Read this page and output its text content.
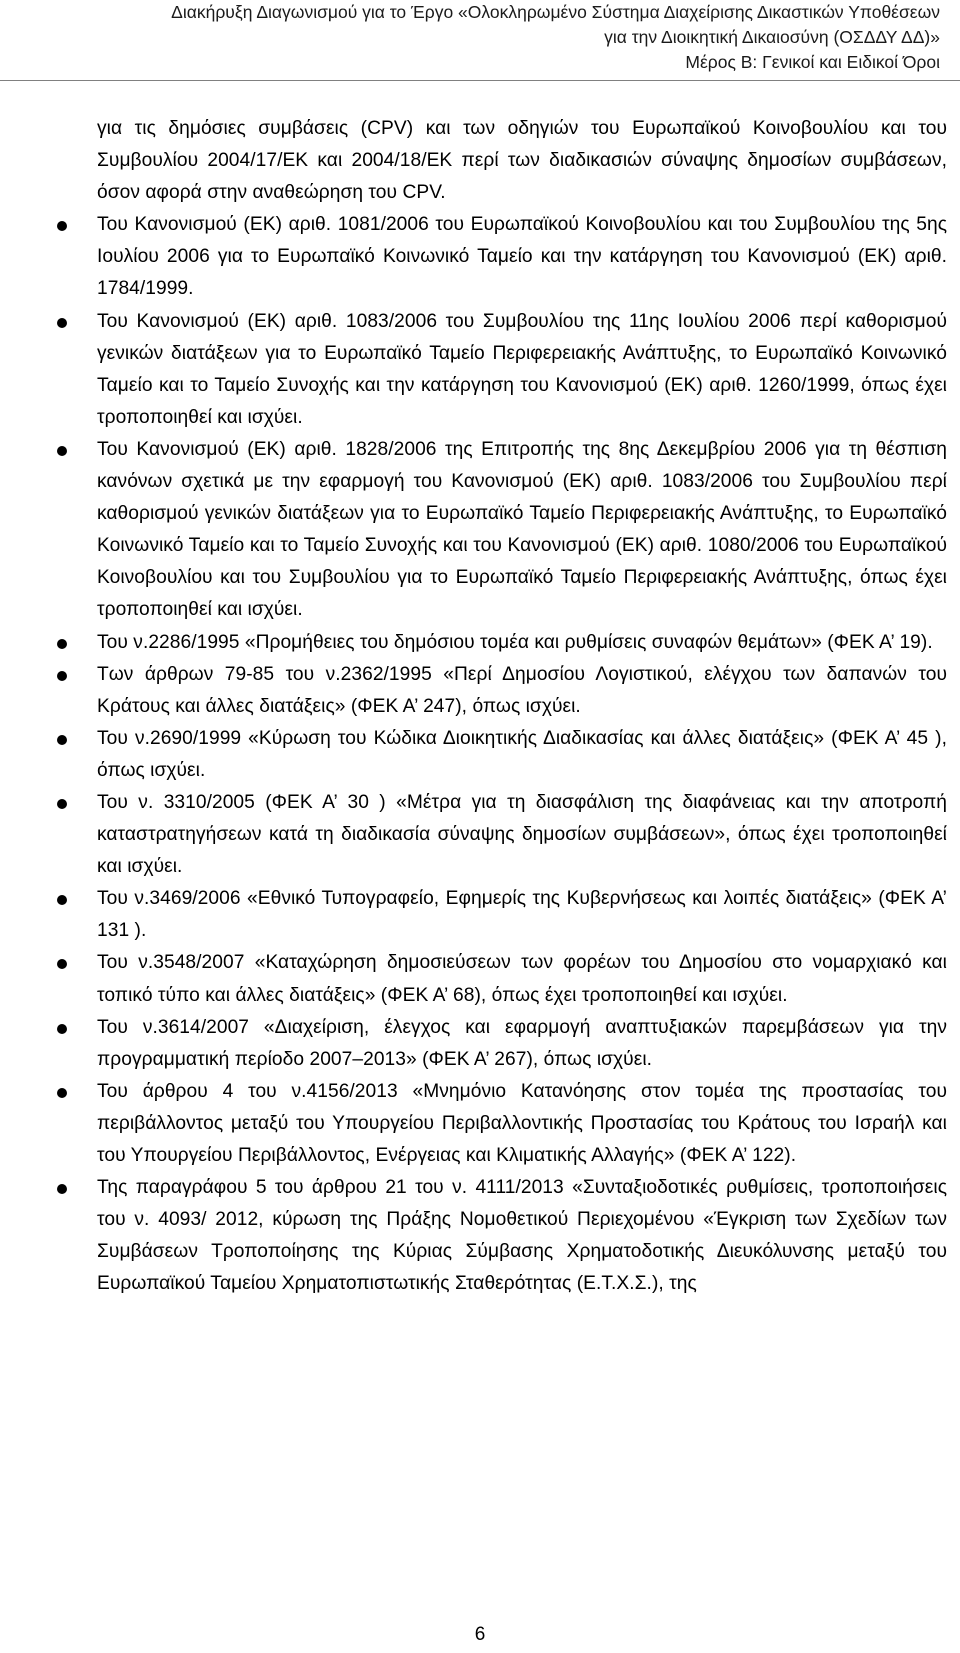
Διακήρυξη Διαγωνισμού για το Έργο «Ολοκληρωμένο Σύστημα Διαχείρισης Δικαστικών Υποθέσεων
για την Διοικητική Δικαιοσύνη (ΟΣΔΔΥ ΔΔ)»
Μέρος Β: Γενικοί και Ειδικοί Όροι

για τις δημόσιες συμβάσεις (CPV) και των οδηγιών του Ευρωπαϊκού Κοινοβουλίου και του Συμβουλίου 2004/17/ΕΚ και 2004/18/ΕΚ περί των διαδικασιών σύναψης δημοσίων συμβάσεων, όσον αφορά στην αναθεώρηση του CPV.

Του Κανονισμού (ΕΚ) αριθ. 1081/2006 του Ευρωπαϊκού Κοινοβουλίου και του Συμβουλίου της 5ης Ιουλίου 2006 για το Ευρωπαϊκό Κοινωνικό Ταμείο και την κατάργηση του Κανονισμού (ΕΚ) αριθ. 1784/1999.
Του Κανονισμού (ΕΚ) αριθ. 1083/2006 του Συμβουλίου της 11ης Ιουλίου 2006 περί καθορισμού γενικών διατάξεων για το Ευρωπαϊκό Ταμείο Περιφερειακής Ανάπτυξης, το Ευρωπαϊκό Κοινωνικό Ταμείο και το Ταμείο Συνοχής και την κατάργηση του Κανονισμού (ΕΚ) αριθ. 1260/1999, όπως έχει τροποποιηθεί και ισχύει.
Του Κανονισμού (ΕΚ) αριθ. 1828/2006 της Επιτροπής της 8ης Δεκεμβρίου 2006 για τη θέσπιση κανόνων σχετικά με την εφαρμογή του Κανονισμού (ΕΚ) αριθ. 1083/2006 του Συμβουλίου περί καθορισμού γενικών διατάξεων για το Ευρωπαϊκό Ταμείο Περιφερειακής Ανάπτυξης, το Ευρωπαϊκό Κοινωνικό Ταμείο και το Ταμείο Συνοχής και του Κανονισμού (ΕΚ) αριθ. 1080/2006 του Ευρωπαϊκού Κοινοβουλίου και του Συμβουλίου για το Ευρωπαϊκό Ταμείο Περιφερειακής Ανάπτυξης, όπως έχει τροποποιηθεί και ισχύει.
Του ν.2286/1995 «Προμήθειες του δημόσιου τομέα και ρυθμίσεις συναφών θεμάτων» (ΦΕΚ Α’ 19).
Των άρθρων 79-85 του ν.2362/1995 «Περί Δημοσίου Λογιστικού, ελέγχου των δαπανών του Κράτους και άλλες διατάξεις» (ΦΕΚ Α’ 247), όπως ισχύει.
Του ν.2690/1999 «Κύρωση του Κώδικα Διοικητικής Διαδικασίας και άλλες διατάξεις» (ΦΕΚ Α’ 45 ), όπως ισχύει.
Του ν. 3310/2005 (ΦΕΚ Α’ 30 ) «Μέτρα για τη διασφάλιση της διαφάνειας και την αποτροπή καταστρατηγήσεων κατά τη διαδικασία σύναψης δημοσίων συμβάσεων», όπως έχει τροποποιηθεί και ισχύει.
Του ν.3469/2006 «Εθνικό Τυπογραφείο, Εφημερίς της Κυβερνήσεως και λοιπές διατάξεις» (ΦΕΚ Α’ 131 ).
Του ν.3548/2007 «Καταχώρηση δημοσιεύσεων των φορέων του Δημοσίου στο νομαρχιακό και τοπικό τύπο και άλλες διατάξεις» (ΦΕΚ Α’ 68), όπως έχει τροποποιηθεί και ισχύει.
Του ν.3614/2007 «Διαχείριση, έλεγχος και εφαρμογή αναπτυξιακών παρεμβάσεων για την προγραμματική περίοδο 2007–2013» (ΦΕΚ Α’ 267), όπως ισχύει.
Του άρθρου 4 του ν.4156/2013 «Μνημόνιο Κατανόησης στον τομέα της προστασίας του περιβάλλοντος μεταξύ του Υπουργείου Περιβαλλοντικής Προστασίας του Κράτους του Ισραήλ και του Υπουργείου Περιβάλλοντος, Ενέργειας και Κλιματικής Αλλαγής» (ΦΕΚ Α’ 122).
Της παραγράφου 5 του άρθρου 21 του ν. 4111/2013 «Συνταξιοδοτικές ρυθμίσεις, τροποποιήσεις του ν. 4093/ 2012, κύρωση της Πράξης Νομοθετικού Περιεχομένου «Έγκριση των Σχεδίων των Συμβάσεων Τροποποίησης της Κύριας Σύμβασης Χρηματοδοτικής Διευκόλυνσης μεταξύ του Ευρωπαϊκού Ταμείου Χρηματοπιστωτικής Σταθερότητας (Ε.Τ.Χ.Σ.), της
6
